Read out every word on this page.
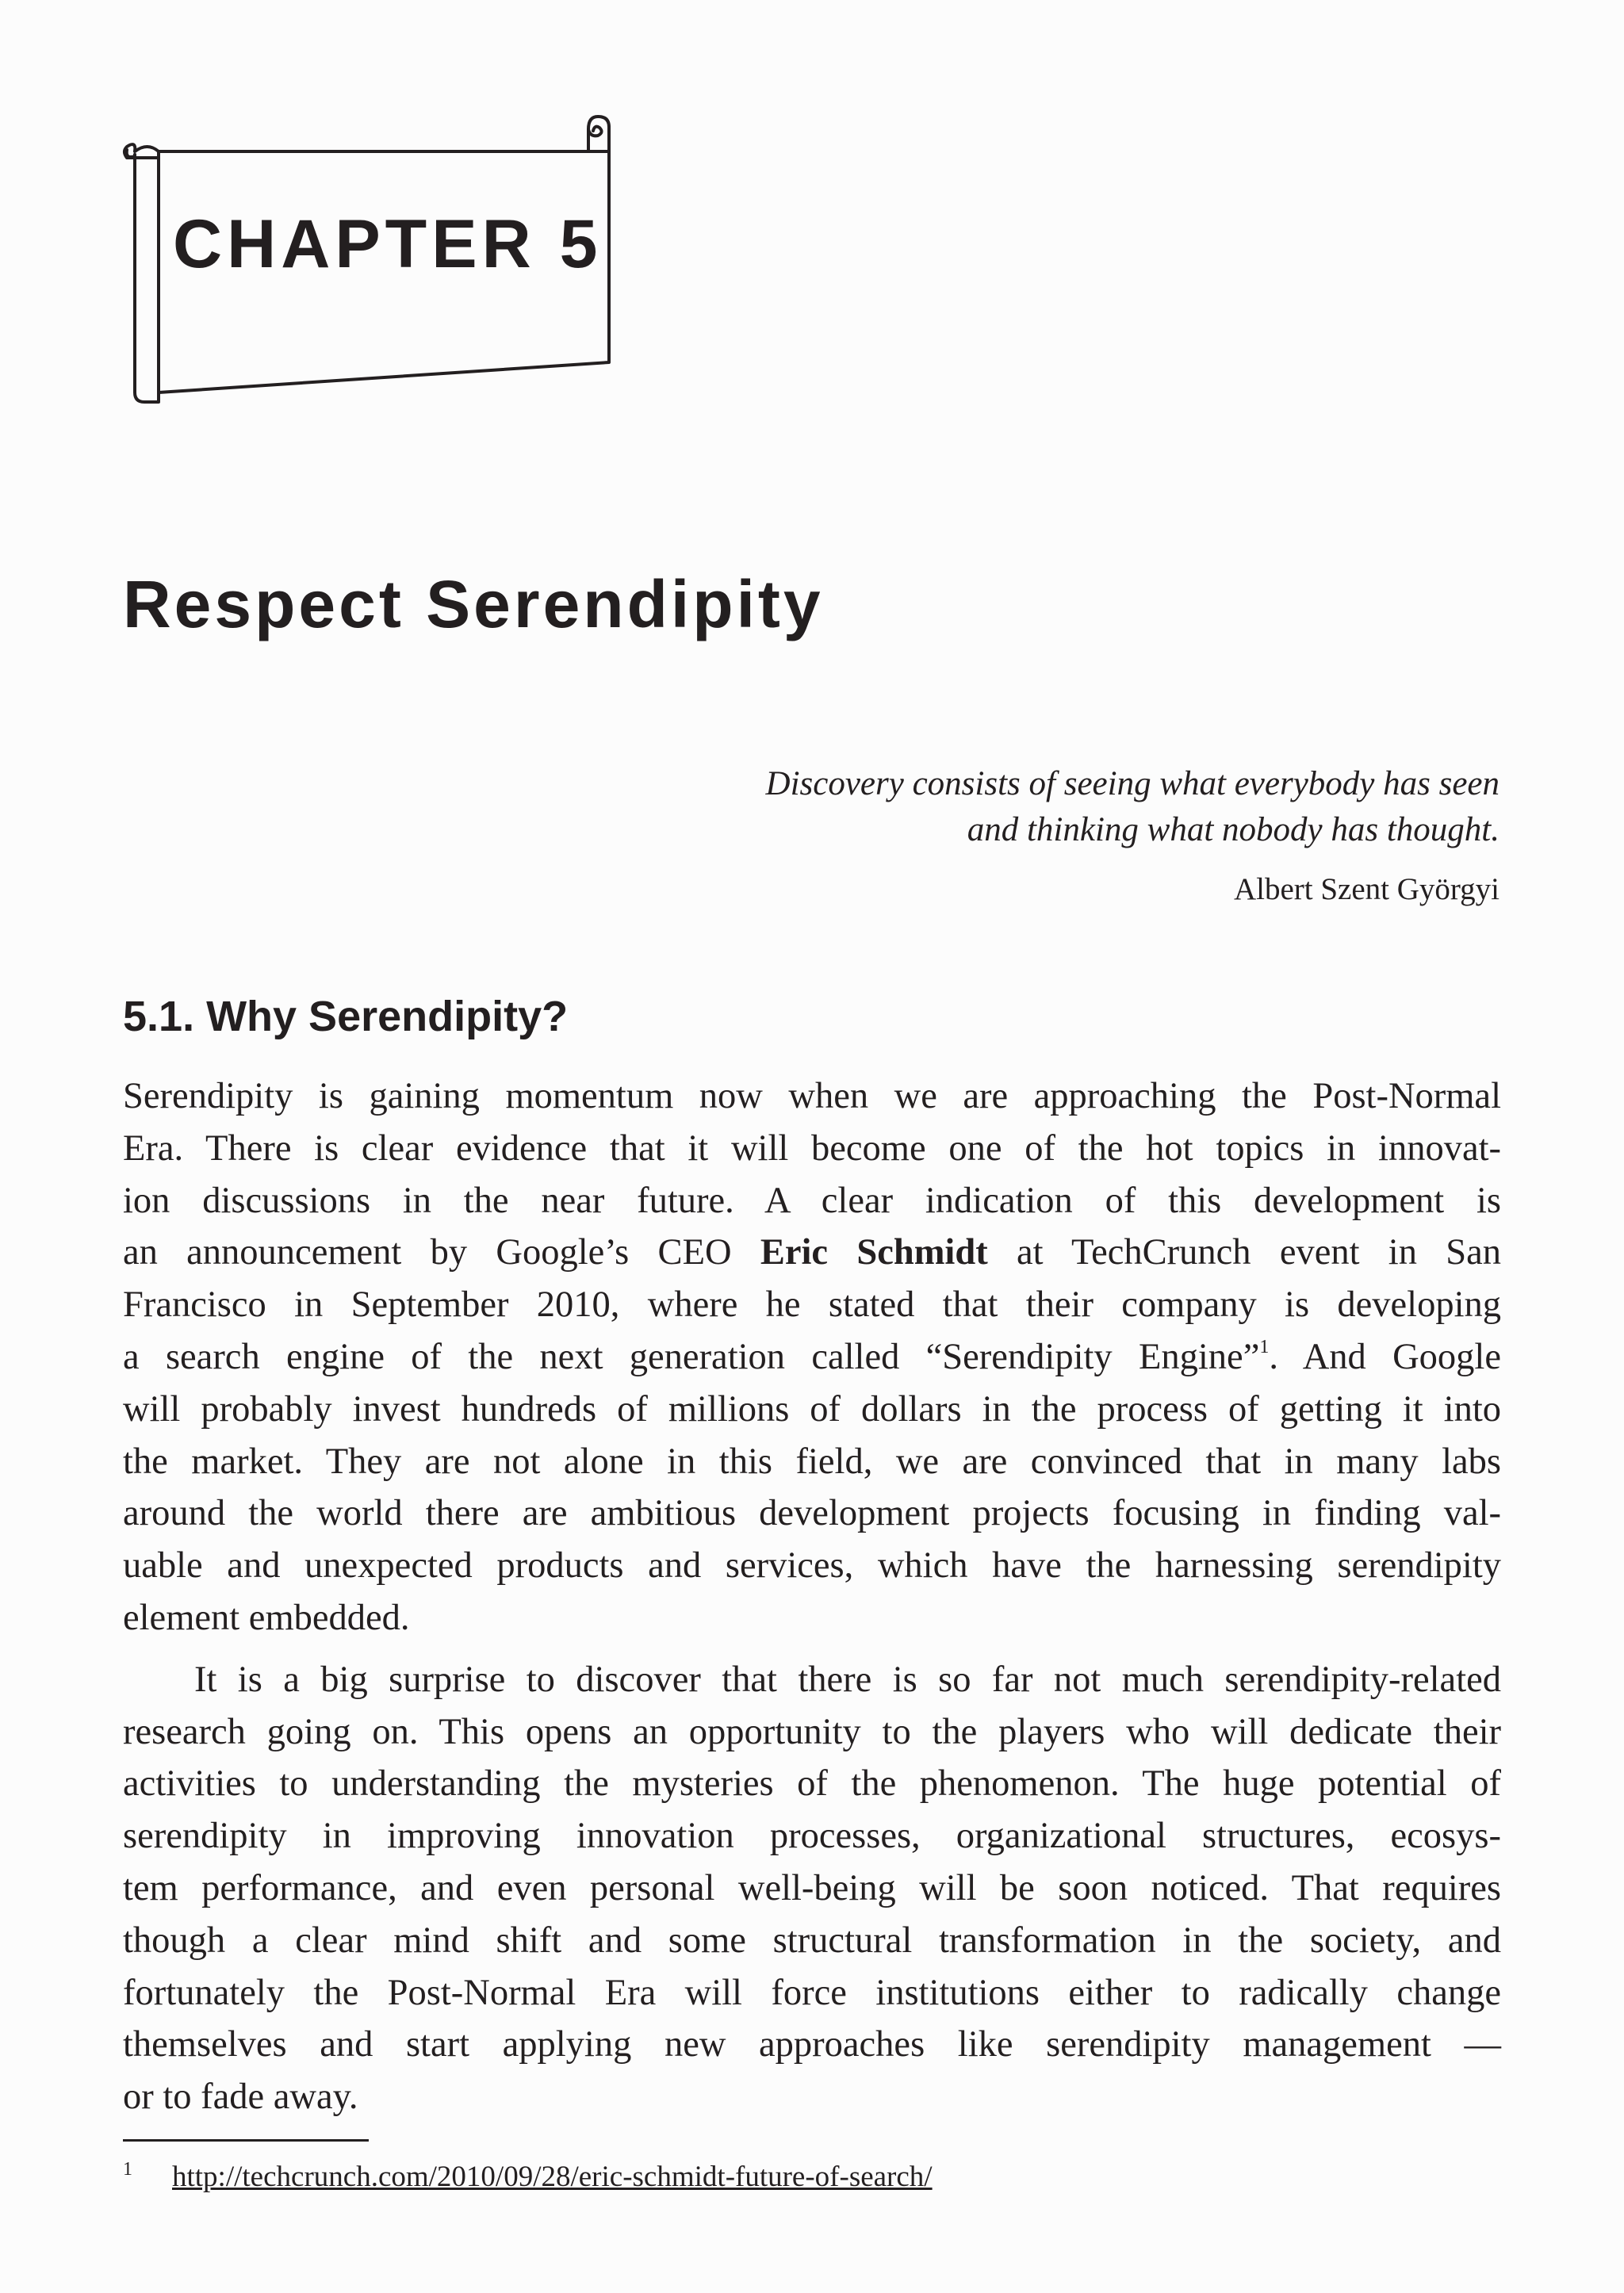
CHAPTER 5
Respect Serendipity
Discovery consists of seeing what everybody has seen
and thinking what nobody has thought.
Albert Szent Györgyi
5.1. Why Serendipity?

Serendipity is gaining momentum now when we are approaching the Post-Normal
Era. There is clear evidence that it will become one of the hot topics in innovat-
ion discussions in the near future. A clear indication of this development is
an announcement by Google’s CEO Eric Schmidt at TechCrunch event in San
Francisco in September 2010, where he stated that their company is developing
a search engine of the next generation called “Serendipity Engine”$^1$. And Google
will probably invest hundreds of millions of dollars in the process of getting it into
the market. They are not alone in this field, we are convinced that in many labs
around the world there are ambitious development projects focusing in finding val-
uable and unexpected products and services, which have the harnessing serendipity
element embedded.

It is a big surprise to discover that there is so far not much serendipity-related
research going on. This opens an opportunity to the players who will dedicate their
activities to understanding the mysteries of the phenomenon. The huge potential of
serendipity in improving innovation processes, organizational structures, ecosys-
tem performance, and even personal well-being will be soon noticed. That requires
though a clear mind shift and some structural transformation in the society, and
fortunately the Post-Normal Era will force institutions either to radically change
themselves and start applying new approaches like serendipity management —
or to fade away.

$^1$ http://techcrunch.com/2010/09/28/eric-schmidt-future-of-search/
